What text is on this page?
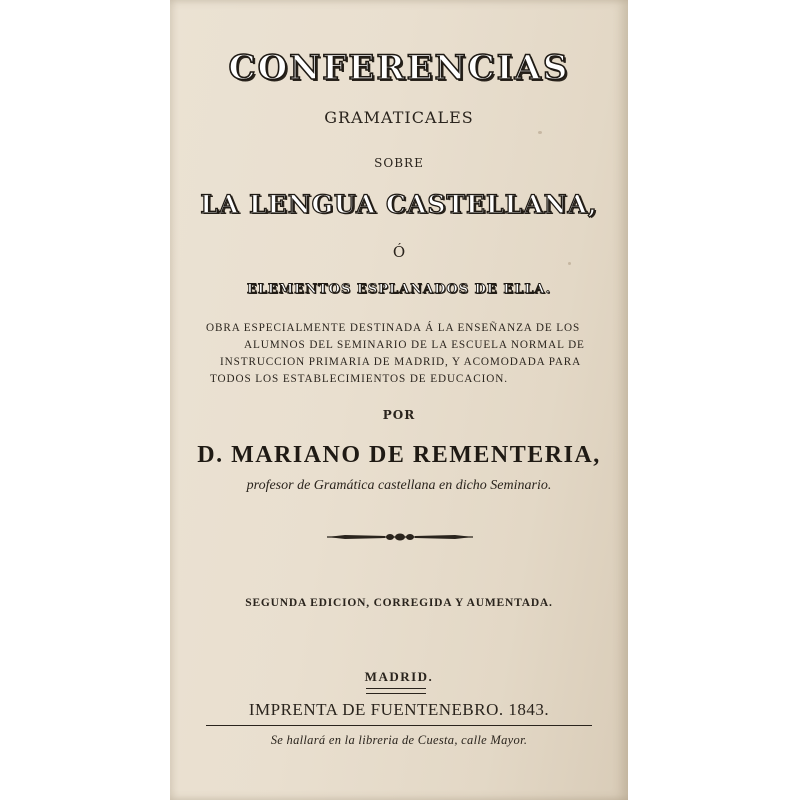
CONFERENCIAS
GRAMATICALES
SOBRE
LA LENGUA CASTELLANA,
Ó
ELEMENTOS ESPLANADOS DE ELLA.
OBRA ESPECIALMENTE DESTINADA Á LA ENSEÑANZA DE LOS
ALUMNOS DEL SEMINARIO DE LA ESCUELA NORMAL DE
INSTRUCCION PRIMARIA DE MADRID, Y ACOMODADA PARA
TODOS LOS ESTABLECIMIENTOS DE EDUCACION.
POR
D. MARIANO DE REMENTERIA,
profesor de Gramática castellana en dicho Seminario.
SEGUNDA EDICION, CORREGIDA Y AUMENTADA.
MADRID.
IMPRENTA DE FUENTENEBRO. 1843.
Se hallará en la libreria de Cuesta, calle Mayor.
